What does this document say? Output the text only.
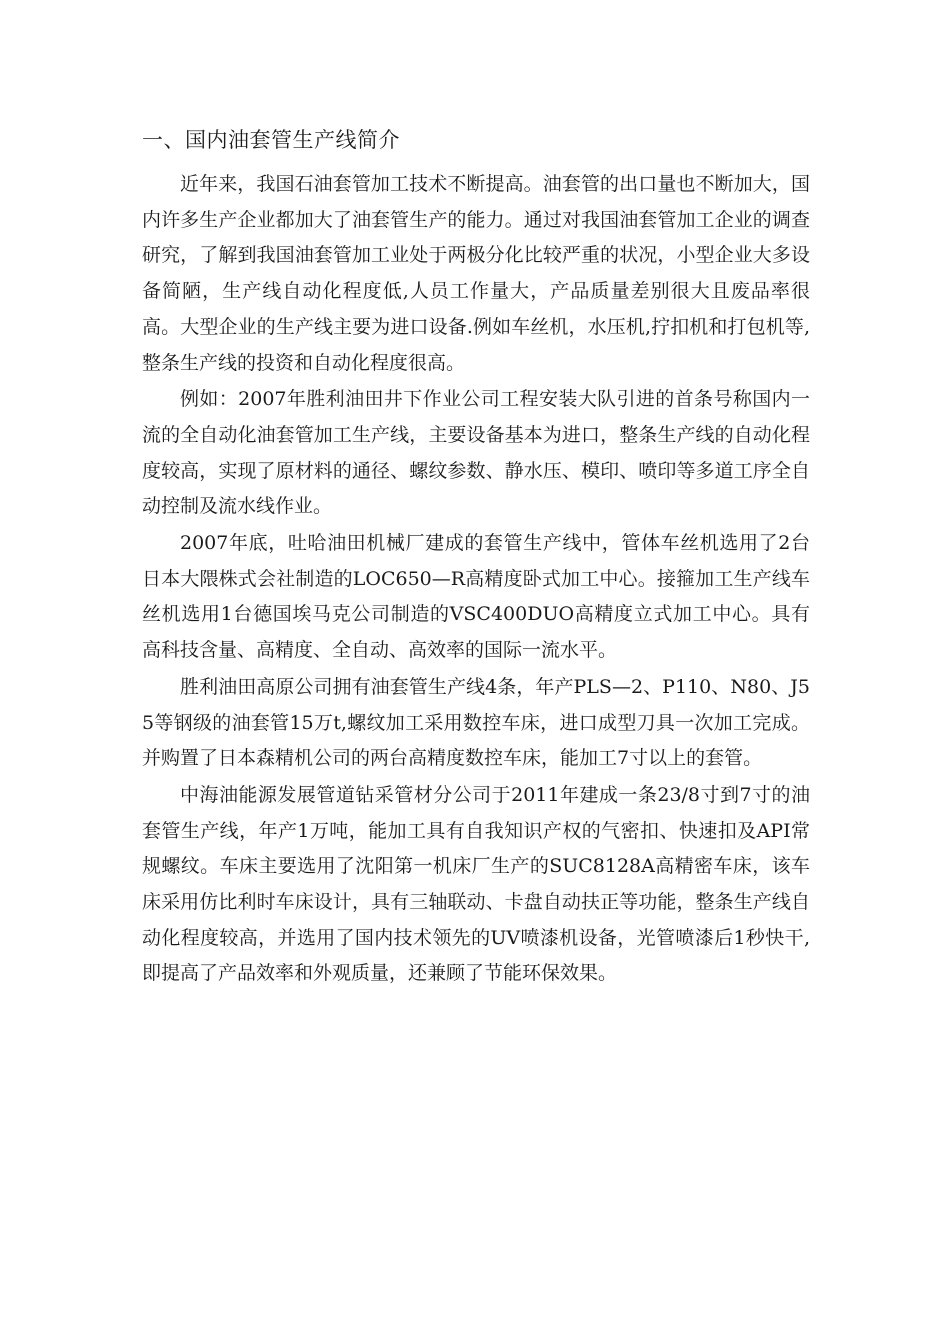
一、国内油套管生产线简介

近年来，我国石油套管加工技术不断提高。油套管的出口量也不断加大，国内许多生产企业都加大了油套管生产的能力。通过对我国油套管加工企业的调查研究，了解到我国油套管加工业处于两极分化比较严重的状况，小型企业大多设备简陋，生产线自动化程度低,人员工作量大，产品质量差别很大且废品率很高。大型企业的生产线主要为进口设备.例如车丝机，水压机,拧扣机和打包机等,整条生产线的投资和自动化程度很高。

例如：2007年胜利油田井下作业公司工程安装大队引进的首条号称国内一流的全自动化油套管加工生产线，主要设备基本为进口，整条生产线的自动化程度较高，实现了原材料的通径、螺纹参数、静水压、模印、喷印等多道工序全自动控制及流水线作业。

2007年底，吐哈油田机械厂建成的套管生产线中，管体车丝机选用了2台日本大隈株式会社制造的LOC650—R高精度卧式加工中心。接箍加工生产线车丝机选用1台德国埃马克公司制造的VSC400DUO高精度立式加工中心。具有高科技含量、高精度、全自动、高效率的国际一流水平。

胜利油田高原公司拥有油套管生产线4条，年产PLS—2、P110、N80、J55等钢级的油套管15万t,螺纹加工采用数控车床，进口成型刀具一次加工完成。并购置了日本森精机公司的两台高精度数控车床，能加工7寸以上的套管。

中海油能源发展管道钻采管材分公司于2011年建成一条23/8寸到7寸的油套管生产线，年产1万吨，能加工具有自我知识产权的气密扣、快速扣及API常规螺纹。车床主要选用了沈阳第一机床厂生产的SUC8128A高精密车床，该车床采用仿比利时车床设计，具有三轴联动、卡盘自动扶正等功能，整条生产线自动化程度较高，并选用了国内技术领先的UV喷漆机设备，光管喷漆后1秒快干,即提高了产品效率和外观质量，还兼顾了节能环保效果。
